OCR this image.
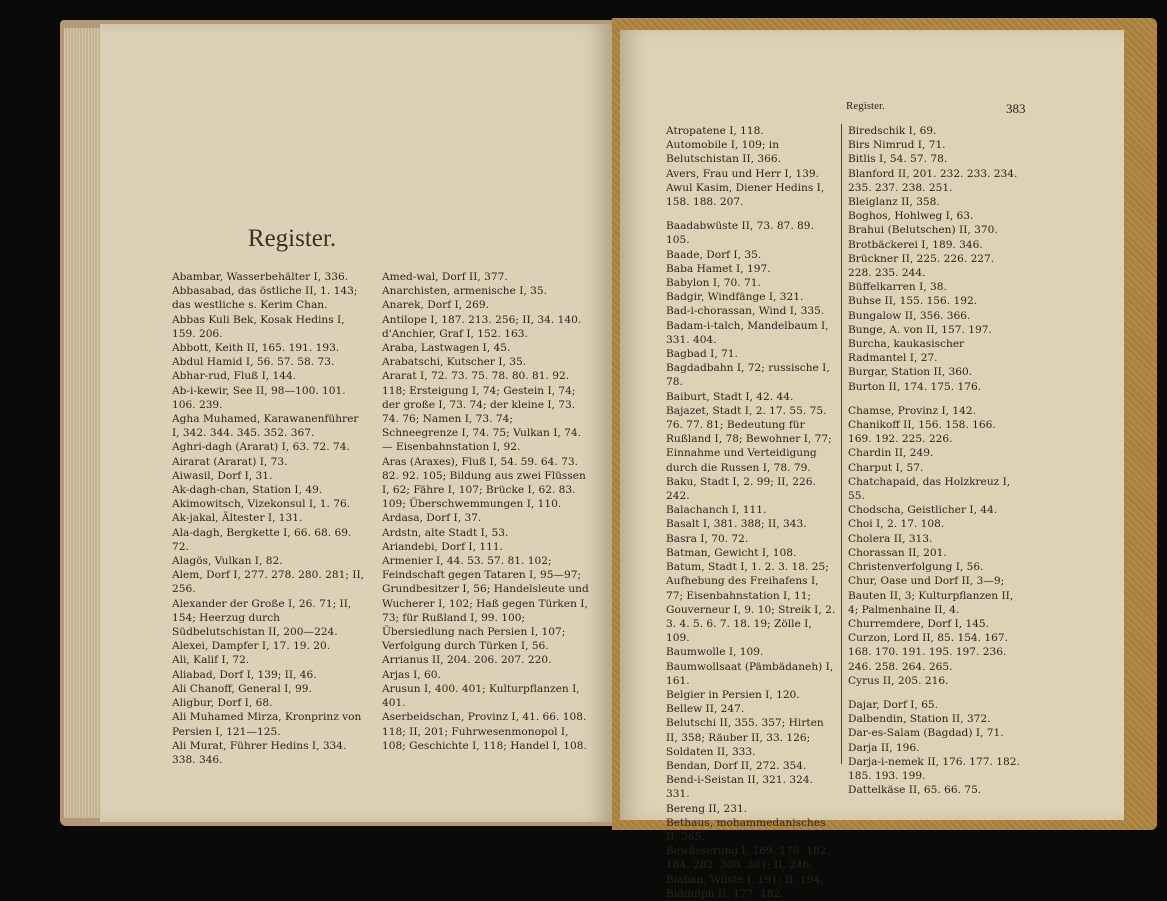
Register.

Abambar, Wasserbehälter I, 336.

Abbasabad, das östliche II, 1. 143; das westliche s. Kerim Chan.

Abbas Kuli Bek, Kosak Hedins I, 159. 206.

Abbott, Keith II, 165. 191. 193.

Abdul Hamid I, 56. 57. 58. 73.

Abhar-rud, Fluß I, 144.

Ab-i-kewir, See II, 98—100. 101. 106. 239.

Agha Muhamed, Karawanenführer I, 342. 344. 345. 352. 367.

Aghri-dagh (Ararat) I, 63. 72. 74.

Airarat (Ararat) I, 73.

Aiwasil, Dorf I, 31.

Ak-dagh-chan, Station I, 49.

Akimowitsch, Vizekonsul I, 1. 76.

Ak-jakal, Ältester I, 131.

Ala-dagh, Bergkette I, 66. 68. 69. 72.

Alagös, Vulkan I, 82.

Alem, Dorf I, 277. 278. 280. 281; II, 256.

Alexander der Große I, 26. 71; II, 154; Heerzug durch Südbelutschistan II, 200—224.

Alexei, Dampfer I, 17. 19. 20.

Ali, Kalif I, 72.

Aliabad, Dorf I, 139; II, 46.

Ali Chanoff, General I, 99.

Aligbur, Dorf I, 68.

Ali Muhamed Mirza, Kronprinz von Persien I, 121—125.

Ali Murat, Führer Hedins I, 334. 338. 346.

Amed-wal, Dorf II, 377.

Anarchisten, armenische I, 35.

Anarek, Dorf I, 269.

Antilope I, 187. 213. 256; II, 34. 140.

d'Anchier, Graf I, 152. 163.

Araba, Lastwagen I, 45.

Arabatschi, Kutscher I, 35.

Ararat I, 72. 73. 75. 78. 80. 81. 92. 118; Ersteigung I, 74; Gestein I, 74; der große I, 73. 74; der kleine I, 73. 74. 76; Namen I, 73. 74; Schneegrenze I, 74. 75; Vulkan I, 74.

— Eisenbahnstation I, 92.

Aras (Araxes), Fluß I, 54. 59. 64. 73. 82. 92. 105; Bildung aus zwei Flüssen I, 62; Fähre I, 107; Brücke I, 62. 83. 109; Überschwemmungen I, 110.

Ardasa, Dorf I, 37.

Ardstn, alte Stadt I, 53.

Ariandebi, Dorf I, 111.

Armenier I, 44. 53. 57. 81. 102; Feindschaft gegen Tataren I, 95—97; Grundbesitzer I, 56; Handelsleute und Wucherer I, 102; Haß gegen Türken I, 73; für Rußland I, 99. 100; Übersiedlung nach Persien I, 107; Verfolgung durch Türken I, 56.

Arrianus II, 204. 206. 207. 220.

Arjas I, 60.

Arusun I, 400. 401; Kulturpflanzen I, 401.

Aserbeidschan, Provinz I, 41. 66. 108. 118; II, 201; Fuhrwesenmonopol I, 108; Geschichte I, 118; Handel I, 108.

Register.	383

Atropatene I, 118.

Automobile I, 109; in Belutschistan II, 366.

Avers, Frau und Herr I, 139.

Awul Kasim, Diener Hedins I, 158. 188. 207.

Baadabwüste II, 73. 87. 89. 105.

Baade, Dorf I, 35.

Baba Hamet I, 197.

Babylon I, 70. 71.

Badgir, Windfänge I, 321.

Bad-i-chorassan, Wind I, 335.

Badam-i-talch, Mandelbaum I, 331. 404.

Bagbad I, 71.

Bagdadbahn I, 72; russische I, 78.

Baiburt, Stadt I, 42. 44.

Bajazet, Stadt I, 2. 17. 55. 75. 76. 77. 81; Bedeutung für Rußland I, 78; Bewohner I, 77; Einnahme und Verteidigung durch die Russen I, 78. 79.

Baku, Stadt I, 2. 99; II, 226. 242.

Balachanch I, 111.

Basalt I, 381. 388; II, 343.

Basra I, 70. 72.

Batman, Gewicht I, 108.

Batum, Stadt I, 1. 2. 3. 18. 25; Aufhebung des Freihafens I, 77; Eisenbahnstation I, 11; Gouverneur I, 9. 10; Streik I, 2. 3. 4. 5. 6. 7. 18. 19; Zölle I, 109.

Baumwolle I, 109.

Baumwollsaat (Pämbädaneh) I, 161.

Belgier in Persien I, 120.

Bellew II, 247.

Belutschi II, 355. 357; Hirten II, 358; Räuber II, 33. 126; Soldaten II, 333.

Bendan, Dorf II, 272. 354.

Bend-i-Seistan II, 321. 324. 331.

Bereng II, 231.

Bethaus, mohammedanisches II, 365.

Bewässerung I, 169. 176. 182. 184. 282. 300. 301; II, 246.

Biaban, Wüste I, 191; II, 194.

Biddulph II, 177. 182.

Biredschik I, 69.

Birs Nimrud I, 71.

Bitlis I, 54. 57. 78.

Blanford II, 201. 232. 233. 234. 235. 237. 238. 251.

Bleiglanz II, 358.

Boghos, Hohlweg I, 63.

Brahui (Belutschen) II, 370.

Brotbäckerei I, 189. 346.

Brückner II, 225. 226. 227. 228. 235. 244.

Büffelkarren I, 38.

Buhse II, 155. 156. 192.

Bungalow II, 356. 366.

Bunge, A. von II, 157. 197.

Burcha, kaukasischer Radmantel I, 27.

Burgar, Station II, 360.

Burton II, 174. 175. 176.

Chamse, Provinz I, 142.

Chanikoff II, 156. 158. 166. 169. 192. 225. 226.

Chardin II, 249.

Charput I, 57.

Chatchapaid, das Holzkreuz I, 55.

Chodscha, Geistlicher I, 44.

Choi I, 2. 17. 108.

Cholera II, 313.

Chorassan II, 201.

Christenverfolgung I, 56.

Chur, Oase und Dorf II, 3—9; Bauten II, 3; Kulturpflanzen II, 4; Palmenhaine II, 4.

Churremdere, Dorf I, 145.

Curzon, Lord II, 85. 154. 167. 168. 170. 191. 195. 197. 236. 246. 258. 264. 265.

Cyrus II, 205. 216.

Dajar, Dorf I, 65.

Dalbendin, Station II, 372.

Dar-es-Salam (Bagdad) I, 71.

Darja II, 196.

Darja-i-nemek II, 176. 177. 182. 185. 193. 199.

Dattelkäse II, 65. 66. 75.
